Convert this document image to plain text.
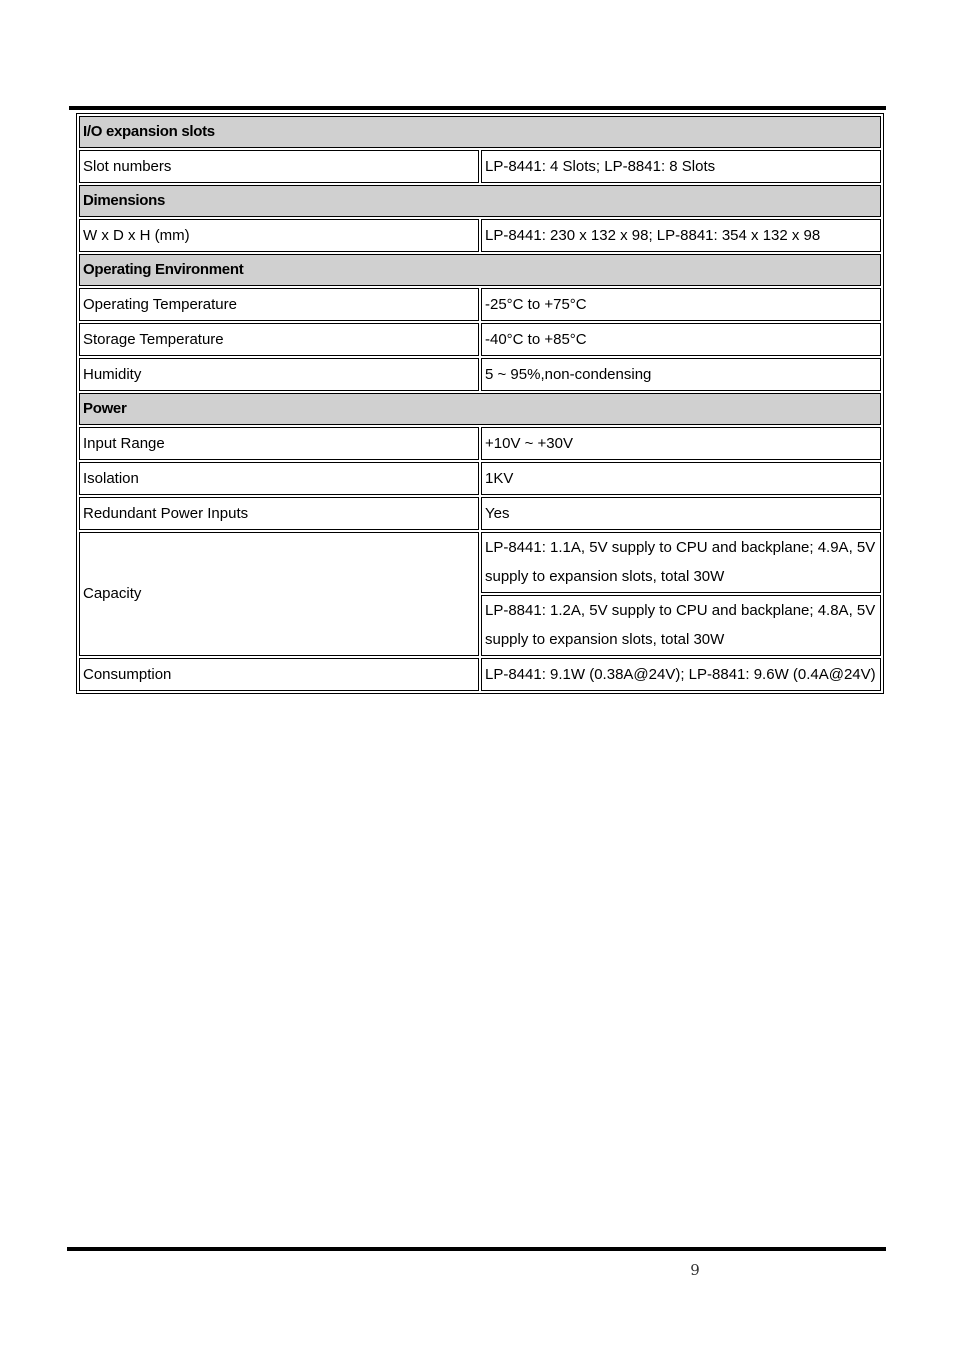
I/O expansion slots	
Slot numbers	LP-8441: 4 Slots; LP-8841: 8 Slots
Dimensions	
W x D x H (mm)	LP-8441: 230 x 132 x 98; LP-8841: 354 x 132 x 98
Operating Environment	
Operating Temperature	-25°C to +75°C
Storage Temperature	-40°C to +85°C
Humidity	5 ~ 95%,non-condensing
Power	
Input Range	+10V ~ +30V
Isolation	1KV
Redundant Power Inputs	Yes
Capacity	LP-8441: 1.1A, 5V supply to CPU and backplane; 4.9A, 5V supply to expansion slots, total 30W
	LP-8841: 1.2A, 5V supply to CPU and backplane; 4.8A, 5V supply to expansion slots, total 30W
Consumption	LP-8441: 9.1W (0.38A@24V); LP-8841: 9.6W (0.4A@24V)
9
